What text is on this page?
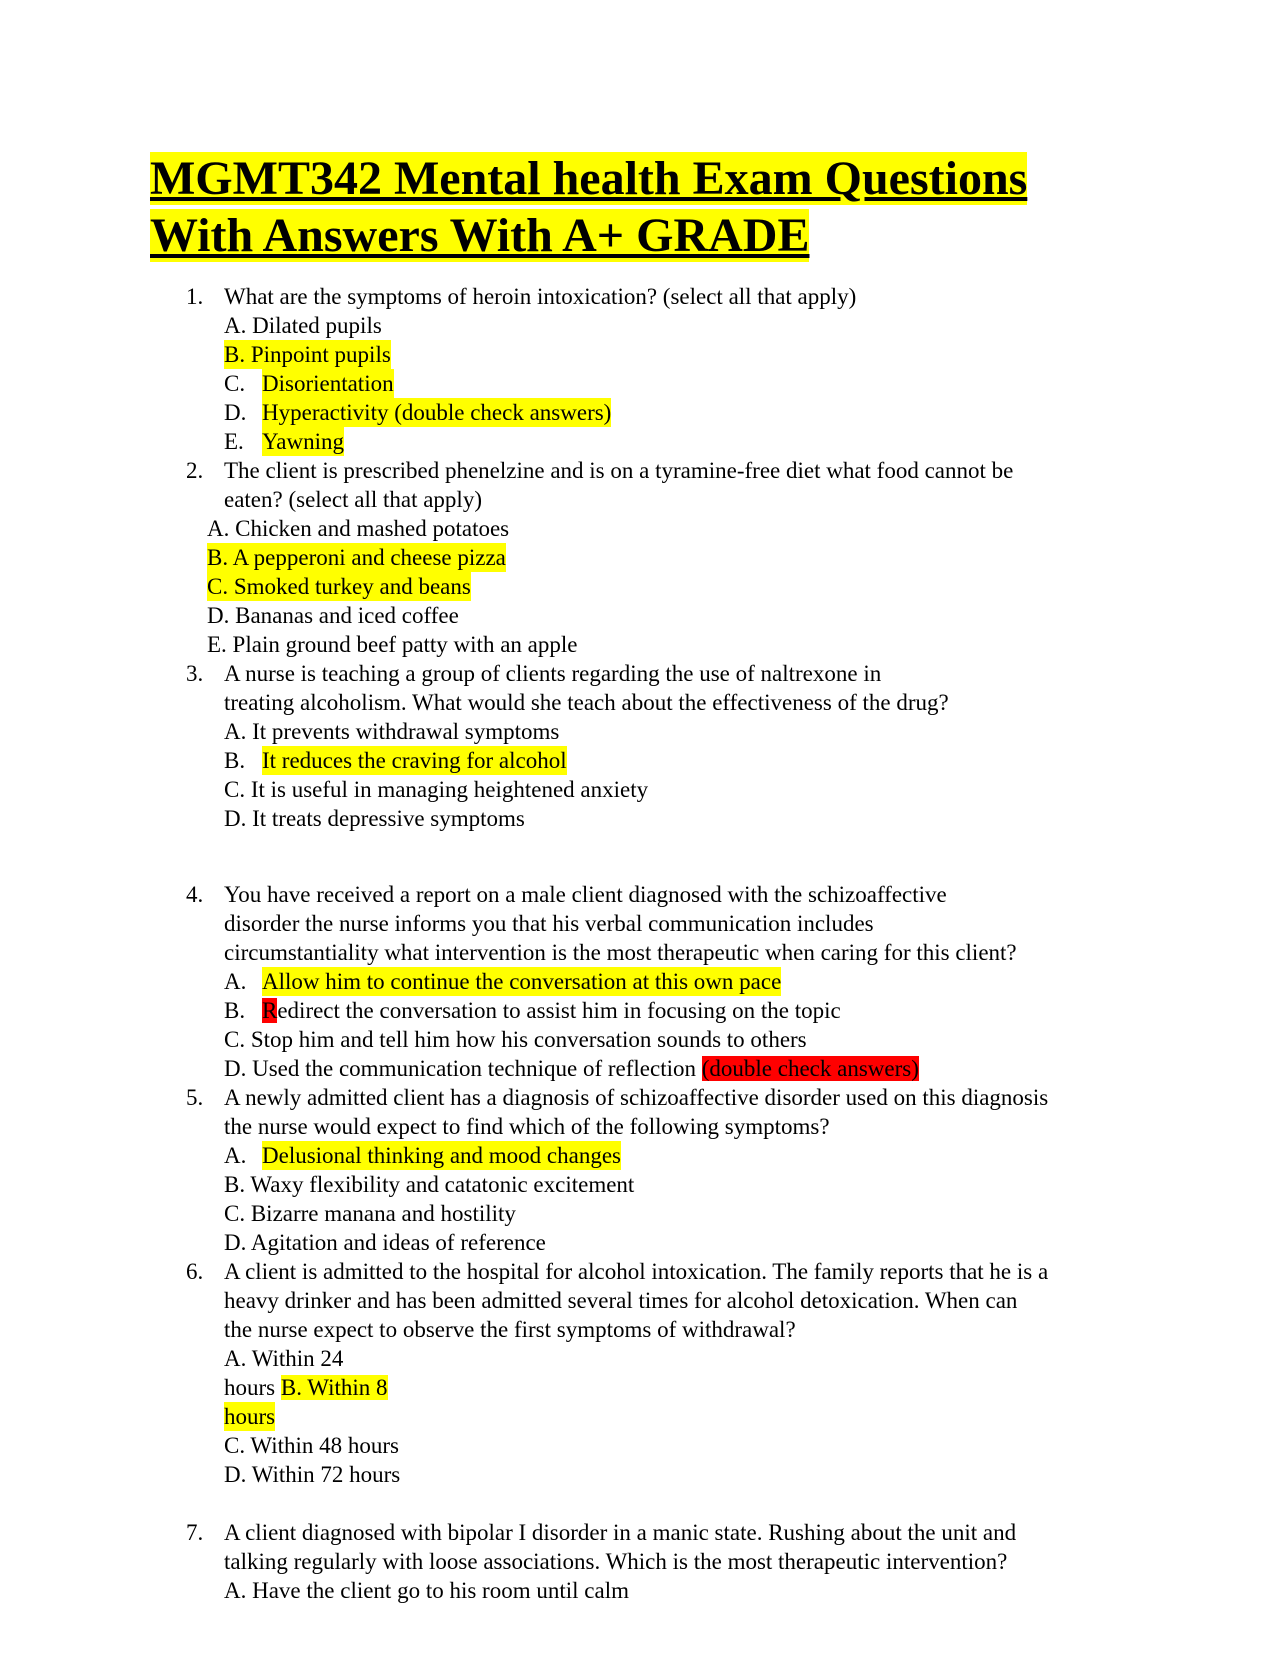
MGMT342 Mental health Exam Questions
With Answers With A+ GRADE
1. What are the symptoms of heroin intoxication? (select all that apply)
A. Dilated pupils
B. Pinpoint pupils
C. Disorientation
D. Hyperactivity (double check answers)
E. Yawning
2. The client is prescribed phenelzine and is on a tyramine-free diet what food cannot be
eaten? (select all that apply)
A. Chicken and mashed potatoes
B. A pepperoni and cheese pizza
C. Smoked turkey and beans
D. Bananas and iced coffee
E. Plain ground beef patty with an apple
3. A nurse is teaching a group of clients regarding the use of naltrexone in
treating alcoholism. What would she teach about the effectiveness of the drug?
A. It prevents withdrawal symptoms
B. It reduces the craving for alcohol
C. It is useful in managing heightened anxiety
D. It treats depressive symptoms
4. You have received a report on a male client diagnosed with the schizoaffective
disorder the nurse informs you that his verbal communication includes
circumstantiality what intervention is the most therapeutic when caring for this client?
A. Allow him to continue the conversation at this own pace
B. Redirect the conversation to assist him in focusing on the topic
C. Stop him and tell him how his conversation sounds to others
D. Used the communication technique of reflection (double check answers)
5. A newly admitted client has a diagnosis of schizoaffective disorder used on this diagnosis
the nurse would expect to find which of the following symptoms?
A. Delusional thinking and mood changes
B. Waxy flexibility and catatonic excitement
C. Bizarre manana and hostility
D. Agitation and ideas of reference
6. A client is admitted to the hospital for alcohol intoxication. The family reports that he is a
heavy drinker and has been admitted several times for alcohol detoxication. When can
the nurse expect to observe the first symptoms of withdrawal?
A. Within 24
hours B. Within 8
hours
C. Within 48 hours
D. Within 72 hours
7. A client diagnosed with bipolar I disorder in a manic state. Rushing about the unit and
talking regularly with loose associations. Which is the most therapeutic intervention?
A. Have the client go to his room until calm
